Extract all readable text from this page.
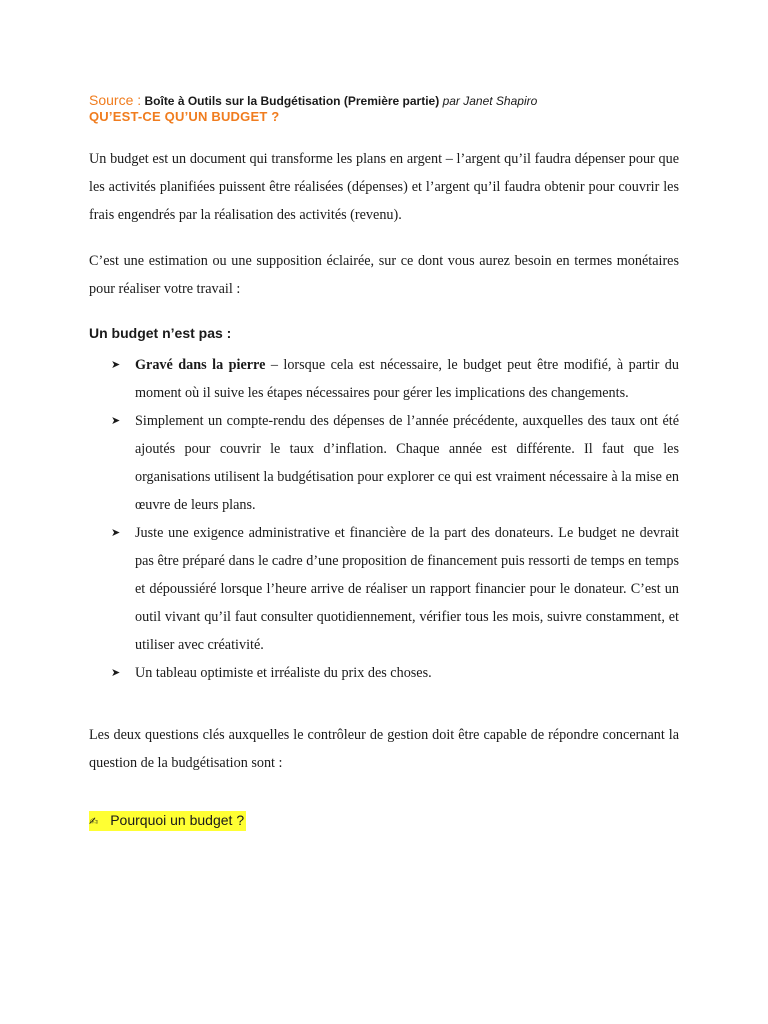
Source : Boîte à Outils sur la Budgétisation (Première partie) par Janet Shapiro
QU’EST-CE QU’UN BUDGET ?

Un budget est un document qui transforme les plans en argent – l’argent qu’il faudra dépenser pour que les activités planifiées puissent être réalisées (dépenses) et l’argent qu’il faudra obtenir pour couvrir les frais engendrés par la réalisation des activités (revenu).

C’est une estimation ou une supposition éclairée, sur ce dont vous aurez besoin en termes monétaires pour réaliser votre travail :

Un budget n’est pas :
➤ Gravé dans la pierre – lorsque cela est nécessaire, le budget peut être modifié, à partir du moment où il suive les étapes nécessaires pour gérer les implications des changements.
➤ Simplement un compte-rendu des dépenses de l’année précédente, auxquelles des taux ont été ajoutés pour couvrir le taux d’inflation. Chaque année est différente. Il faut que les organisations utilisent la budgétisation pour explorer ce qui est vraiment nécessaire à la mise en œuvre de leurs plans.
➤ Juste une exigence administrative et financière de la part des donateurs. Le budget ne devrait pas être préparé dans le cadre d’une proposition de financement puis ressorti de temps en temps et dépoussiéré lorsque l’heure arrive de réaliser un rapport financier pour le donateur. C’est un outil vivant qu’il faut consulter quotidiennement, vérifier tous les mois, suivre constamment, et utiliser avec créativité.
➤ Un tableau optimiste et irréaliste du prix des choses.

Les deux questions clés auxquelles le contrôleur de gestion doit être capable de répondre concernant la question de la budgétisation sont :

✍ Pourquoi un budget ?
